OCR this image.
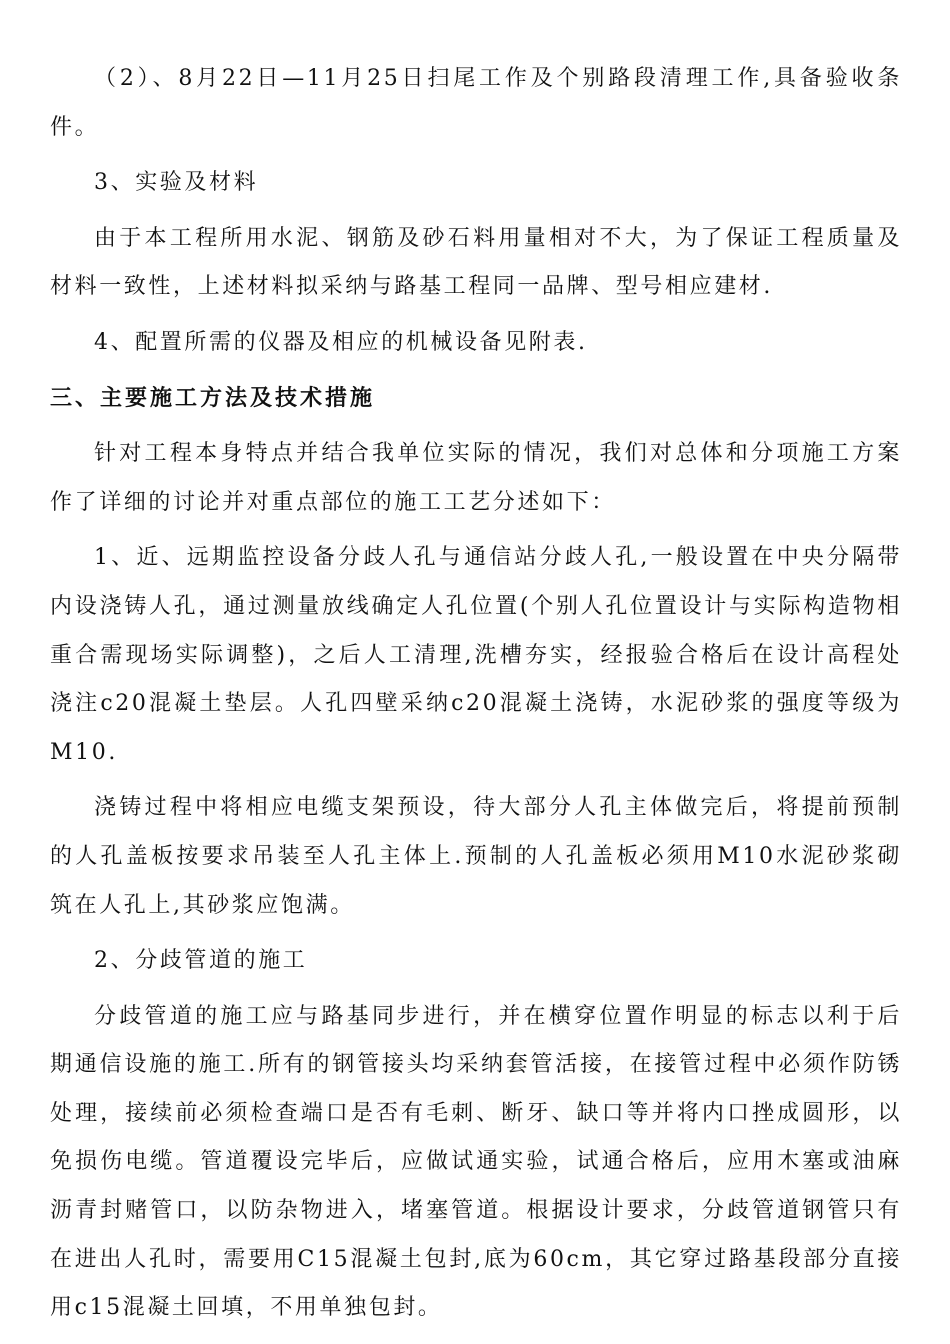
（2）、8月22日—11月25日扫尾工作及个别路段清理工作,具备验收条件。

3、实验及材料

由于本工程所用水泥、钢筋及砂石料用量相对不大，为了保证工程质量及材料一致性，上述材料拟采纳与路基工程同一品牌、型号相应建材.

4、配置所需的仪器及相应的机械设备见附表.

三、主要施工方法及技术措施

针对工程本身特点并结合我单位实际的情况，我们对总体和分项施工方案作了详细的讨论并对重点部位的施工工艺分述如下：

1、近、远期监控设备分歧人孔与通信站分歧人孔,一般设置在中央分隔带内设浇铸人孔，通过测量放线确定人孔位置(个别人孔位置设计与实际构造物相重合需现场实际调整)，之后人工清理,洗槽夯实，经报验合格后在设计高程处浇注c20混凝土垫层。人孔四壁采纳c20混凝土浇铸，水泥砂浆的强度等级为M10.

浇铸过程中将相应电缆支架预设，待大部分人孔主体做完后，将提前预制的人孔盖板按要求吊装至人孔主体上.预制的人孔盖板必须用M10水泥砂浆砌筑在人孔上,其砂浆应饱满。

2、分歧管道的施工

分歧管道的施工应与路基同步进行，并在横穿位置作明显的标志以利于后期通信设施的施工.所有的钢管接头均采纳套管活接，在接管过程中必须作防锈处理，接续前必须检查端口是否有毛刺、断牙、缺口等并将内口挫成圆形，以免损伤电缆。管道覆设完毕后，应做试通实验，试通合格后，应用木塞或油麻沥青封赌管口，以防杂物进入，堵塞管道。根据设计要求，分歧管道钢管只有在进出人孔时，需要用C15混凝土包封,底为60cm，其它穿过路基段部分直接用c15混凝土回填，不用单独包封。
